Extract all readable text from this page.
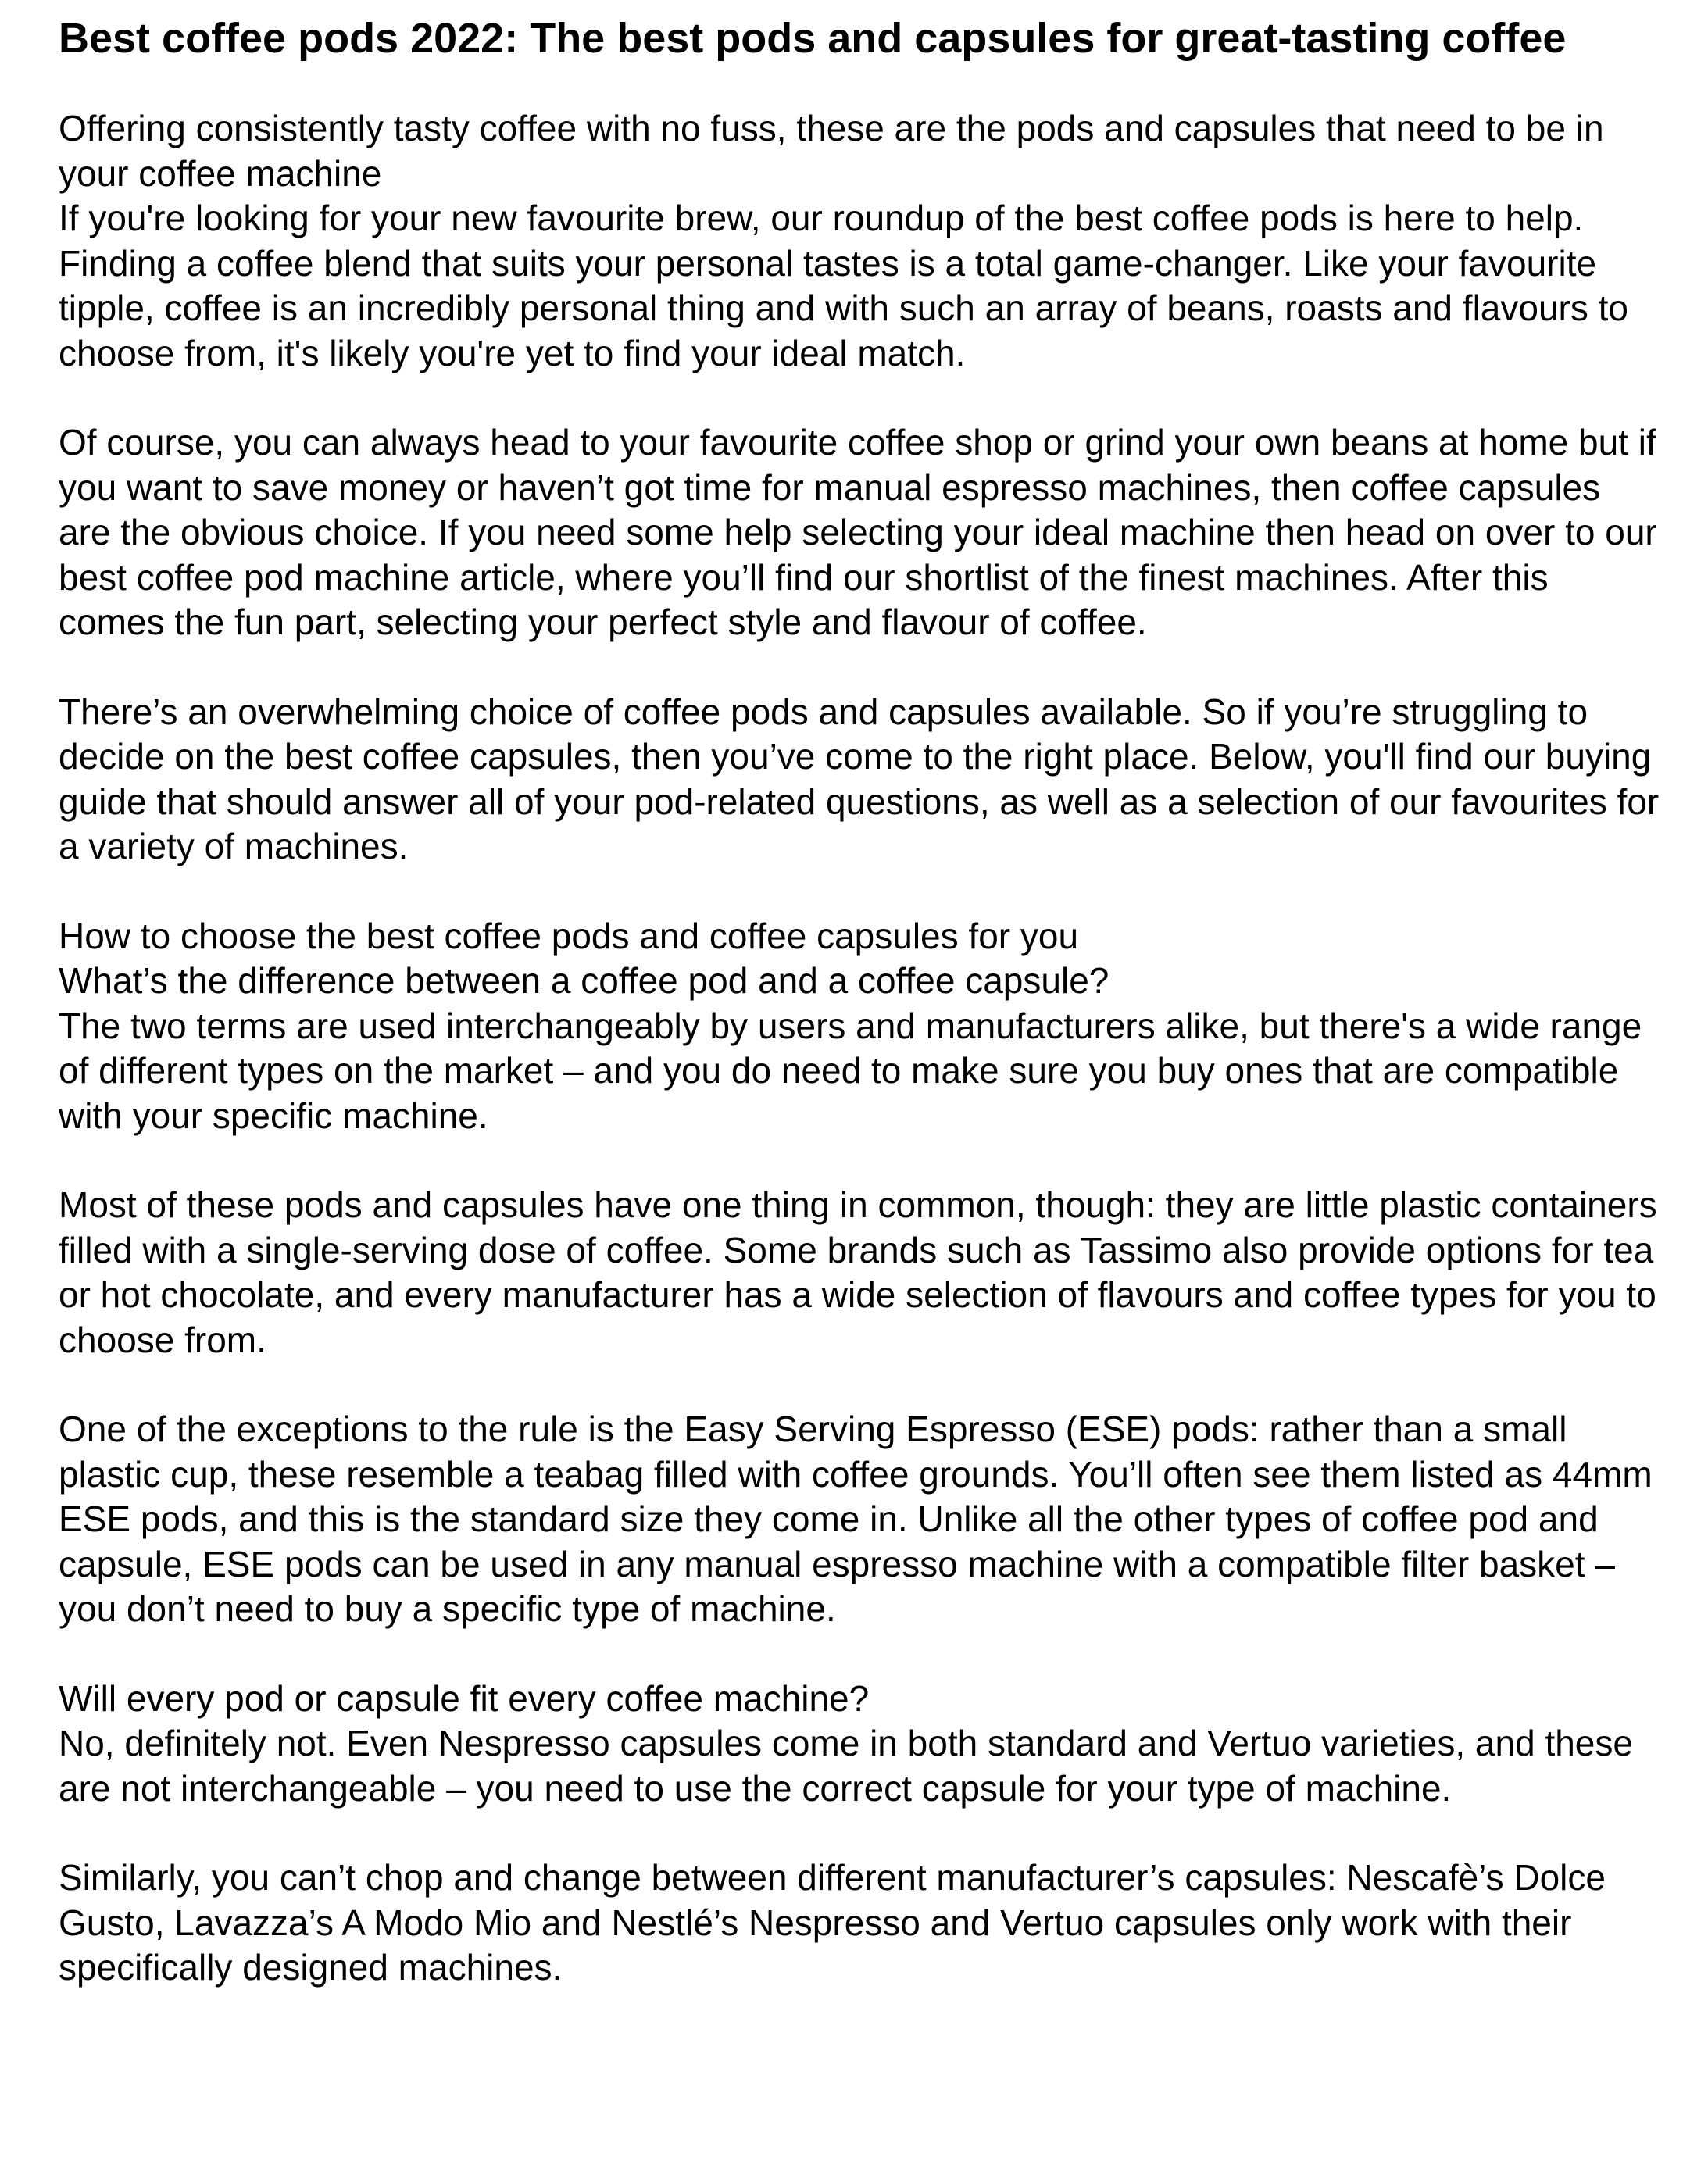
Best coffee pods 2022: The best pods and capsules for great-tasting coffee

Offering consistently tasty coffee with no fuss, these are the pods and capsules that need to be in your coffee machine
If you're looking for your new favourite brew, our roundup of the best coffee pods is here to help. Finding a coffee blend that suits your personal tastes is a total game-changer. Like your favourite tipple, coffee is an incredibly personal thing and with such an array of beans, roasts and flavours to choose from, it's likely you're yet to find your ideal match.

Of course, you can always head to your favourite coffee shop or grind your own beans at home but if you want to save money or haven’t got time for manual espresso machines, then coffee capsules are the obvious choice. If you need some help selecting your ideal machine then head on over to our best coffee pod machine article, where you’ll find our shortlist of the finest machines. After this comes the fun part, selecting your perfect style and flavour of coffee.

There’s an overwhelming choice of coffee pods and capsules available. So if you’re struggling to decide on the best coffee capsules, then you’ve come to the right place. Below, you'll find our buying guide that should answer all of your pod-related questions, as well as a selection of our favourites for a variety of machines.

How to choose the best coffee pods and coffee capsules for you
What’s the difference between a coffee pod and a coffee capsule?
The two terms are used interchangeably by users and manufacturers alike, but there's a wide range of different types on the market – and you do need to make sure you buy ones that are compatible with your specific machine.

Most of these pods and capsules have one thing in common, though: they are little plastic containers filled with a single-serving dose of coffee. Some brands such as Tassimo also provide options for tea or hot chocolate, and every manufacturer has a wide selection of flavours and coffee types for you to choose from.

One of the exceptions to the rule is the Easy Serving Espresso (ESE) pods: rather than a small plastic cup, these resemble a teabag filled with coffee grounds. You’ll often see them listed as 44mm ESE pods, and this is the standard size they come in. Unlike all the other types of coffee pod and capsule, ESE pods can be used in any manual espresso machine with a compatible filter basket – you don’t need to buy a specific type of machine.

Will every pod or capsule fit every coffee machine?
No, definitely not. Even Nespresso capsules come in both standard and Vertuo varieties, and these are not interchangeable – you need to use the correct capsule for your type of machine.

Similarly, you can’t chop and change between different manufacturer’s capsules: Nescafè’s Dolce Gusto, Lavazza’s A Modo Mio and Nestlé’s Nespresso and Vertuo capsules only work with their specifically designed machines.
